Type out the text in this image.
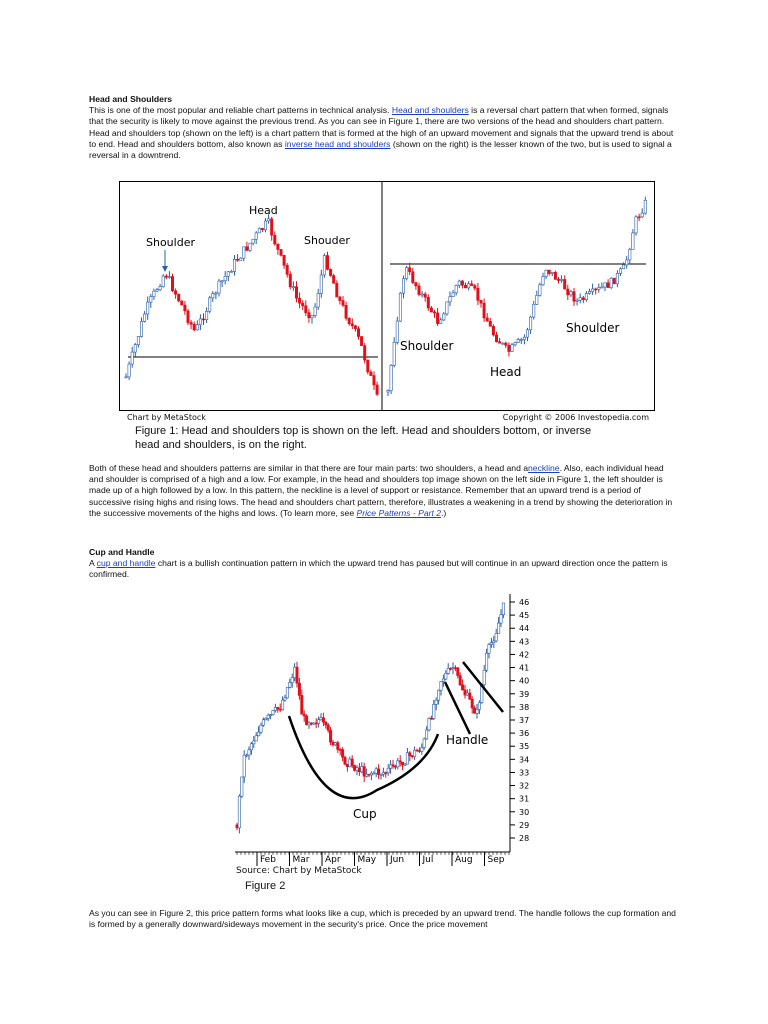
Head and Shoulders

This is one of the most popular and reliable chart patterns in technical analysis. Head and shoulders is a reversal chart pattern that when formed, signals that the security is likely to move against the previous trend. As you can see in Figure 1, there are two versions of the head and shoulders chart pattern. Head and shoulders top (shown on the left) is a chart pattern that is formed at the high of an upward movement and signals that the upward trend is about to end. Head and shoulders bottom, also known as inverse head and shoulders (shown on the right) is the lesser known of the two, but is used to signal a reversal in a downtrend.

Head
Shoulder	Shouder
Shoulder
Head
Shoulder
Chart by MetaStock	Copyright © 2006 Investopedia.com
Figure 1: Head and shoulders top is shown on the left. Head and shoulders bottom, or inverse head and shoulders, is on the right.
Both of these head and shoulders patterns are similar in that there are four main parts: two shoulders, a head and aneckline. Also, each individual head and shoulder is comprised of a high and a low. For example, in the head and shoulders top image shown on the left side in Figure 1, the left shoulder is made up of a high followed by a low. In this pattern, the neckline is a level of support or resistance. Remember that an upward trend is a period of successive rising highs and rising lows. The head and shoulders chart pattern, therefore, illustrates a weakening in a trend by showing the deterioration in the successive movements of the highs and lows. (To learn more, see Price Patterns - Part 2.)
Cup and Handle

A cup and handle chart is a bullish continuation pattern in which the upward trend has paused but will continue in an upward direction once the pattern is confirmed.

46
45
44
43
42
41
40
39
38
37
36
35
34
33
32
31
30
29
28
Feb Mar Apr May Jun Jul Aug Sep
Cup
Handle
Source: Chart by MetaStock
Figure 2
As you can see in Figure 2, this price pattern forms what looks like a cup, which is preceded by an upward trend. The handle follows the cup formation and is formed by a generally downward/sideways movement in the security's price. Once the price movement
